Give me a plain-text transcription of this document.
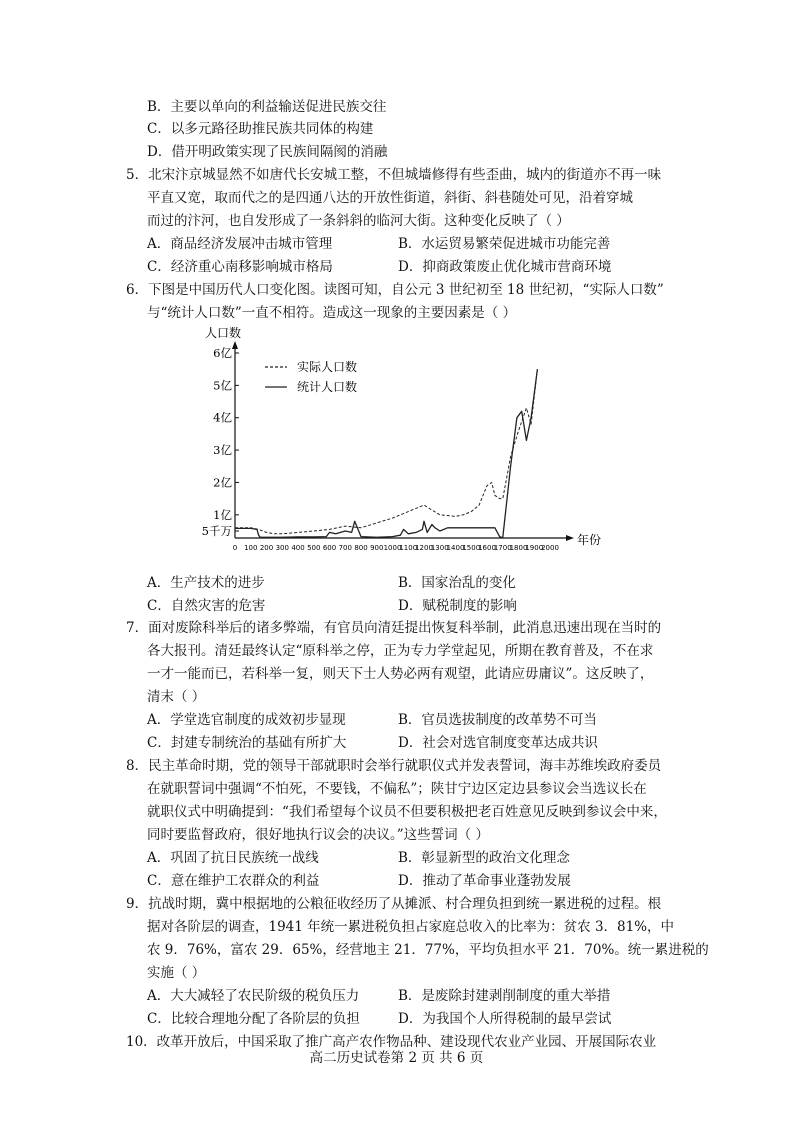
B．主要以单向的利益输送促进民族交往
C．以多元路径助推民族共同体的构建
D．借开明政策实现了民族间隔阂的消融
5．北宋汴京城显然不如唐代长安城工整，不但城墙修得有些歪曲，城内的街道亦不再一味
平直又宽，取而代之的是四通八达的开放性街道，斜街、斜巷随处可见，沿着穿城
而过的汴河，也自发形成了一条斜斜的临河大街。这种变化反映了（ ）
A．商品经济发展冲击城市管理	B．水运贸易繁荣促进城市功能完善
C．经济重心南移影响城市格局	D．抑商政策废止优化城市营商环境
6．下图是中国历代人口变化图。读图可知，自公元 3 世纪初至 18 世纪初，“实际人口数”
与“统计人口数”一直不相符。造成这一现象的主要因素是（ ）
人口数
年份
5千万
1亿
2亿
3亿
4亿
5亿
6亿
0 100 200 300 400 500 600 700 800 900 1000
1100
1200
1300
1400
1500
1600
1700
1800
1900
2000
实际人口数
统计人口数
A．生产技术的进步	B．国家治乱的变化
C．自然灾害的危害	D．赋税制度的影响
7．面对废除科举后的诸多弊端，有官员向清廷提出恢复科举制，此消息迅速出现在当时的
各大报刊。清廷最终认定“原科举之停，正为专力学堂起见，所期在教育普及，不在求
一才一能而已，若科举一复，则天下士人势必两有观望，此请应毋庸议”。这反映了，
清末（ ）
A．学堂选官制度的成效初步显现	B．官员选拔制度的改革势不可当
C．封建专制统治的基础有所扩大	D．社会对选官制度变革达成共识
8．民主革命时期，党的领导干部就职时会举行就职仪式并发表誓词，海丰苏维埃政府委员
在就职誓词中强调“不怕死，不要钱，不偏私”；陕甘宁边区定边县参议会当选议长在
就职仪式中明确提到：“我们希望每个议员不但要积极把老百姓意见反映到参议会中来，
同时要监督政府，很好地执行议会的决议。”这些誓词（ ）
A．巩固了抗日民族统一战线	B．彰显新型的政治文化理念
C．意在维护工农群众的利益	D．推动了革命事业蓬勃发展
9．抗战时期，冀中根据地的公粮征收经历了从摊派、村合理负担到统一累进税的过程。根
据对各阶层的调查，1941 年统一累进税负担占家庭总收入的比率为：贫农 3．81%，中
农 9．76%，富农 29．65%，经营地主 21．77%，平均负担水平 21．70%。统一累进税的
实施（ ）
A．大大减轻了农民阶级的税负压力	B．是废除封建剥削制度的重大举措
C．比较合理地分配了各阶层的负担	D．为我国个人所得税制的最早尝试
10．改革开放后，中国采取了推广高产农作物品种、建设现代农业产业园、开展国际农业
高二历史试卷第 2 页 共 6 页
